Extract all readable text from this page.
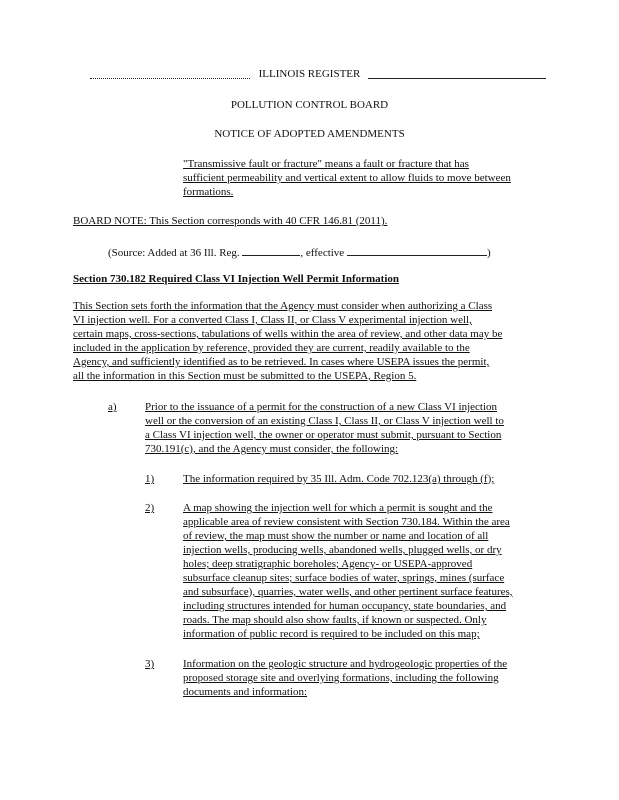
ILLINOIS REGISTER
POLLUTION CONTROL BOARD
NOTICE OF ADOPTED AMENDMENTS
"Transmissive fault or fracture" means a fault or fracture that has
sufficient permeability and vertical extent to allow fluids to move between
formations.
BOARD NOTE: This Section corresponds with 40 CFR 146.81 (2011).
(Source: Added at 36 Ill. Reg.	, effective	)
Section 730.182 Required Class VI Injection Well Permit Information
This Section sets forth the information that the Agency must consider when authorizing a Class
VI injection well. For a converted Class I, Class II, or Class V experimental injection well,
certain maps, cross-sections, tabulations of wells within the area of review, and other data may be
included in the application by reference, provided they are current, readily available to the
Agency, and sufficiently identified as to be retrieved. In cases where USEPA issues the permit,
all the information in this Section must be submitted to the USEPA, Region 5.
a)	Prior to the issuance of a permit for the construction of a new Class VI injection
well or the conversion of an existing Class I, Class II, or Class V injection well to
a Class VI injection well, the owner or operator must submit, pursuant to Section
730.191(c), and the Agency must consider, the following:
1)	The information required by 35 Ill. Adm. Code 702.123(a) through (f);
2)	A map showing the injection well for which a permit is sought and the
applicable area of review consistent with Section 730.184. Within the area
of review, the map must show the number or name and location of all
injection wells, producing wells, abandoned wells, plugged wells, or dry
holes; deep stratigraphic boreholes; Agency- or USEPA-approved
subsurface cleanup sites; surface bodies of water, springs, mines (surface
and subsurface), quarries, water wells, and other pertinent surface features,
including structures intended for human occupancy, state boundaries, and
roads. The map should also show faults, if known or suspected. Only
information of public record is required to be included on this map;
3)	Information on the geologic structure and hydrogeologic properties of the
proposed storage site and overlying formations, including the following
documents and information:
